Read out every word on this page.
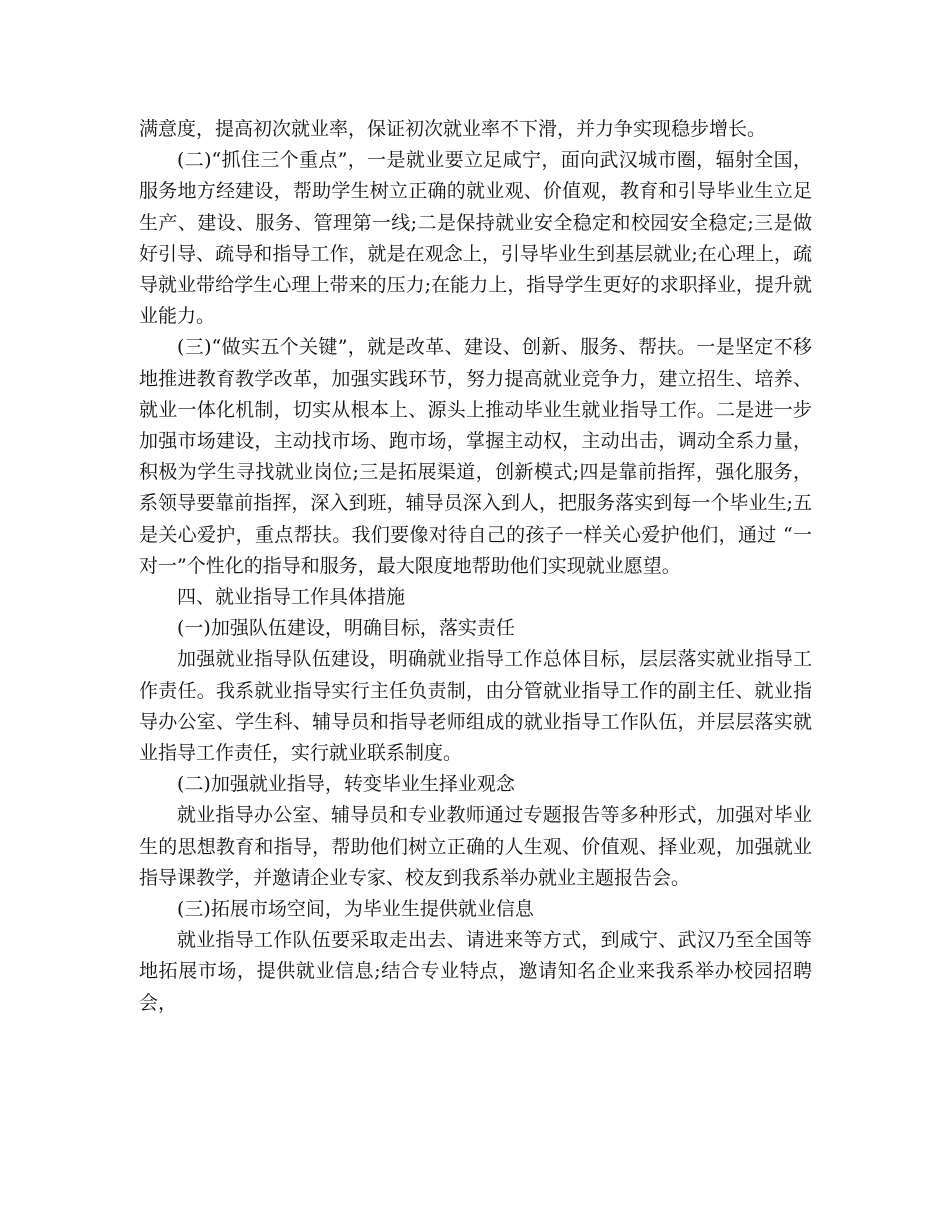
满意度，提高初次就业率，保证初次就业率不下滑，并力争实现稳步增长。

(二)“抓住三个重点”，一是就业要立足咸宁，面向武汉城市圈，辐射全国，服务地方经建设，帮助学生树立正确的就业观、价值观，教育和引导毕业生立足生产、建设、服务、管理第一线;二是保持就业安全稳定和校园安全稳定;三是做好引导、疏导和指导工作，就是在观念上，引导毕业生到基层就业;在心理上，疏导就业带给学生心理上带来的压力;在能力上，指导学生更好的求职择业，提升就业能力。

(三)“做实五个关键”，就是改革、建设、创新、服务、帮扶。一是坚定不移地推进教育教学改革，加强实践环节，努力提高就业竞争力，建立招生、培养、就业一体化机制，切实从根本上、源头上推动毕业生就业指导工作。二是进一步加强市场建设，主动找市场、跑市场，掌握主动权，主动出击，调动全系力量，积极为学生寻找就业岗位;三是拓展渠道，创新模式;四是靠前指挥，强化服务，系领导要靠前指挥，深入到班，辅导员深入到人，把服务落实到每一个毕业生;五是关心爱护，重点帮扶。我们要像对待自己的孩子一样关心爱护他们，通过 “一对一”个性化的指导和服务，最大限度地帮助他们实现就业愿望。

四、就业指导工作具体措施

(一)加强队伍建设，明确目标，落实责任

加强就业指导队伍建设，明确就业指导工作总体目标，层层落实就业指导工作责任。我系就业指导实行主任负责制，由分管就业指导工作的副主任、就业指导办公室、学生科、辅导员和指导老师组成的就业指导工作队伍，并层层落实就业指导工作责任，实行就业联系制度。

(二)加强就业指导，转变毕业生择业观念

就业指导办公室、辅导员和专业教师通过专题报告等多种形式，加强对毕业生的思想教育和指导，帮助他们树立正确的人生观、价值观、择业观，加强就业指导课教学，并邀请企业专家、校友到我系举办就业主题报告会。

(三)拓展市场空间，为毕业生提供就业信息

就业指导工作队伍要采取走出去、请进来等方式，到咸宁、武汉乃至全国等地拓展市场，提供就业信息;结合专业特点，邀请知名企业来我系举办校园招聘会，
